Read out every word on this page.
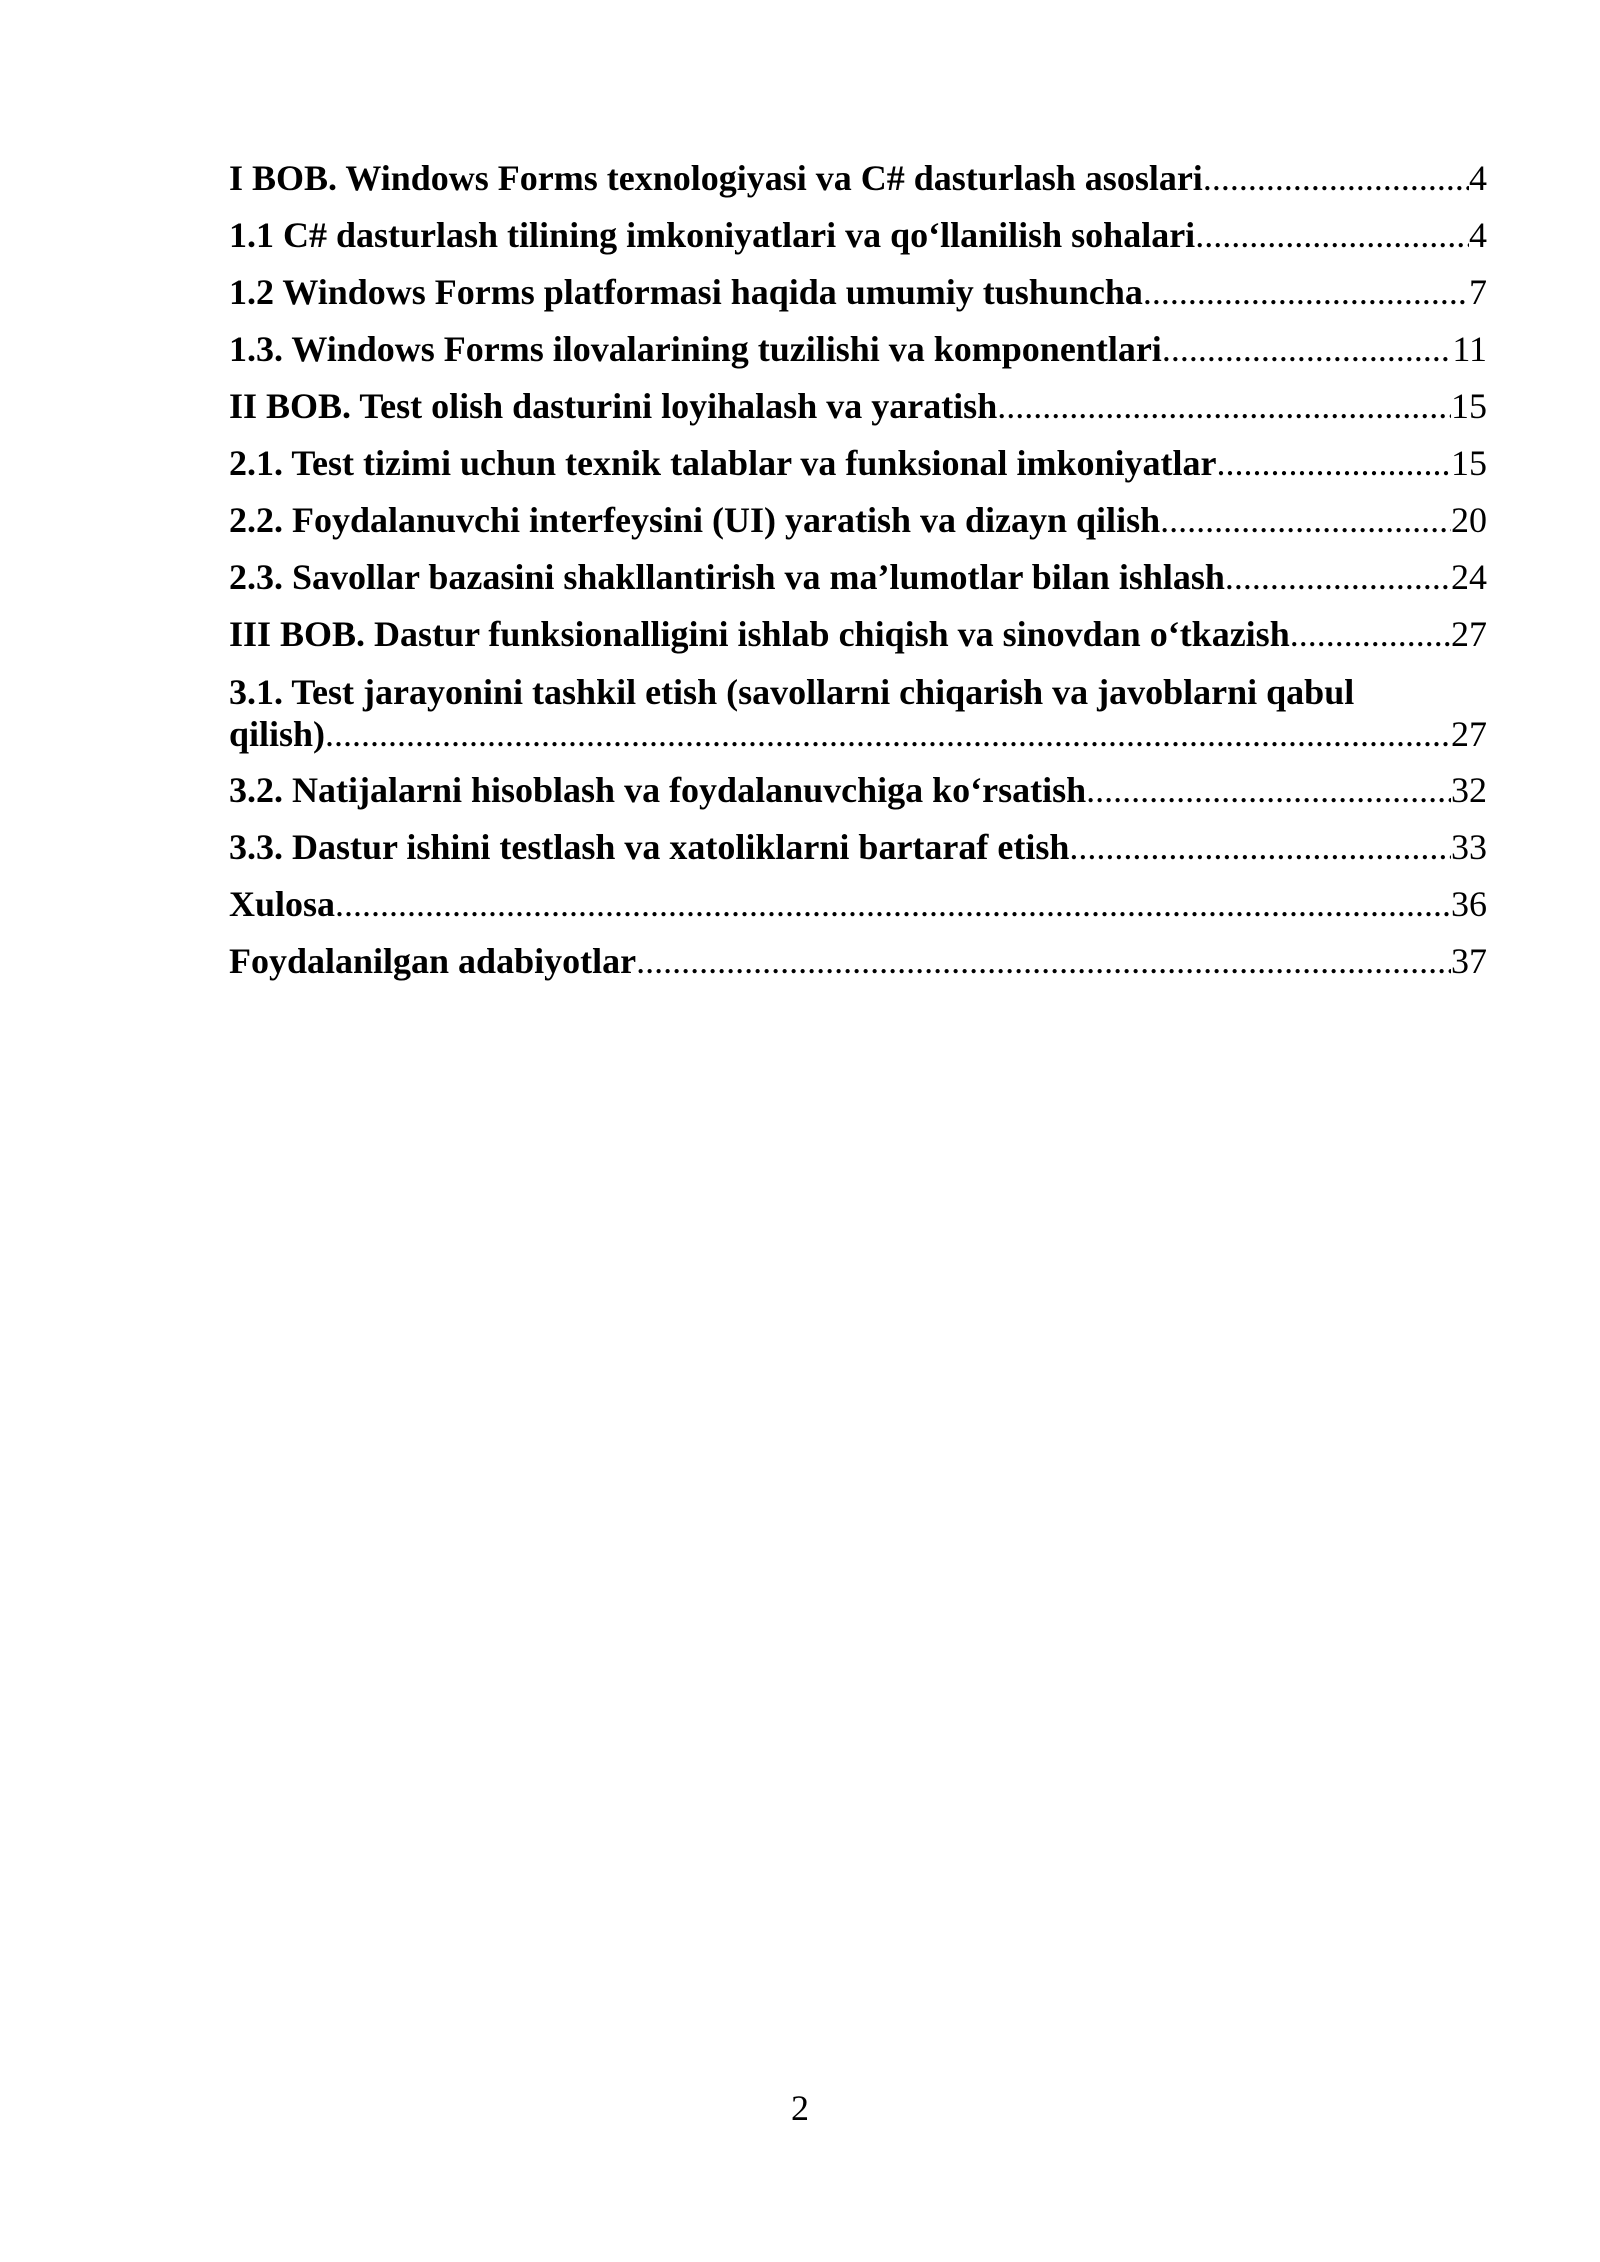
I BOB. Windows Forms texnologiyasi va C# dasturlash asoslari .....	4
1.1 C# dasturlash tilining imkoniyatlari va qo‘llanilish sohalari .....	4
1.2 Windows Forms platformasi haqida umumiy tushuncha .....	7
1.3. Windows Forms ilovalarining tuzilishi va komponentlari .....	11
II BOB. Test olish dasturini loyihalash va yaratish .....	15
2.1. Test tizimi uchun texnik talablar va funksional imkoniyatlar .....	15
2.2. Foydalanuvchi interfeysini (UI) yaratish va dizayn qilish .....	20
2.3. Savollar bazasini shakllantirish va ma’lumotlar bilan ishlash .....	24
III BOB. Dastur funksionalligini ishlab chiqish va sinovdan o‘tkazish .....	27
3.1. Test jarayonini tashkil etish (savollarni chiqarish va javoblarni qabul
qilish) .....	27
3.2. Natijalarni hisoblash va foydalanuvchiga ko‘rsatish .....	32
3.3. Dastur ishini testlash va xatoliklarni bartaraf etish .....	33
Xulosa .....	36
Foydalanilgan adabiyotlar .....	37
2
